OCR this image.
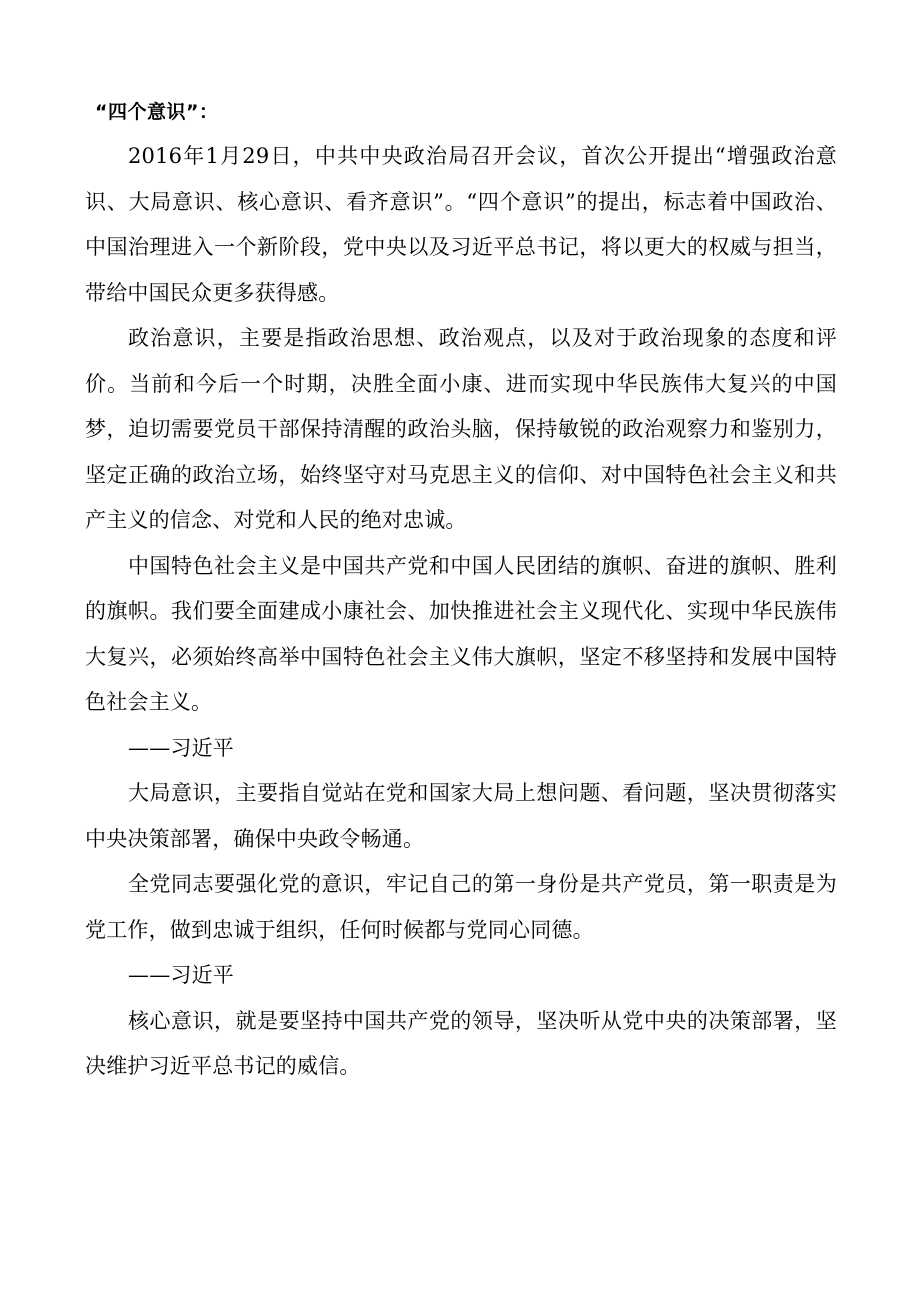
“四个意识”：

2016年1月29日，中共中央政治局召开会议，首次公开提出“增强政治意识、大局意识、核心意识、看齐意识”。“四个意识”的提出，标志着中国政治、中国治理进入一个新阶段，党中央以及习近平总书记，将以更大的权威与担当，带给中国民众更多获得感。

政治意识，主要是指政治思想、政治观点，以及对于政治现象的态度和评价。当前和今后一个时期，决胜全面小康、进而实现中华民族伟大复兴的中国梦，迫切需要党员干部保持清醒的政治头脑，保持敏锐的政治观察力和鉴别力，坚定正确的政治立场，始终坚守对马克思主义的信仰、对中国特色社会主义和共产主义的信念、对党和人民的绝对忠诚。

中国特色社会主义是中国共产党和中国人民团结的旗帜、奋进的旗帜、胜利的旗帜。我们要全面建成小康社会、加快推进社会主义现代化、实现中华民族伟大复兴，必须始终高举中国特色社会主义伟大旗帜，坚定不移坚持和发展中国特色社会主义。

——习近平

大局意识，主要指自觉站在党和国家大局上想问题、看问题，坚决贯彻落实中央决策部署，确保中央政令畅通。

全党同志要强化党的意识，牢记自己的第一身份是共产党员，第一职责是为党工作，做到忠诚于组织，任何时候都与党同心同德。

——习近平

核心意识，就是要坚持中国共产党的领导，坚决听从党中央的决策部署，坚决维护习近平总书记的威信。
